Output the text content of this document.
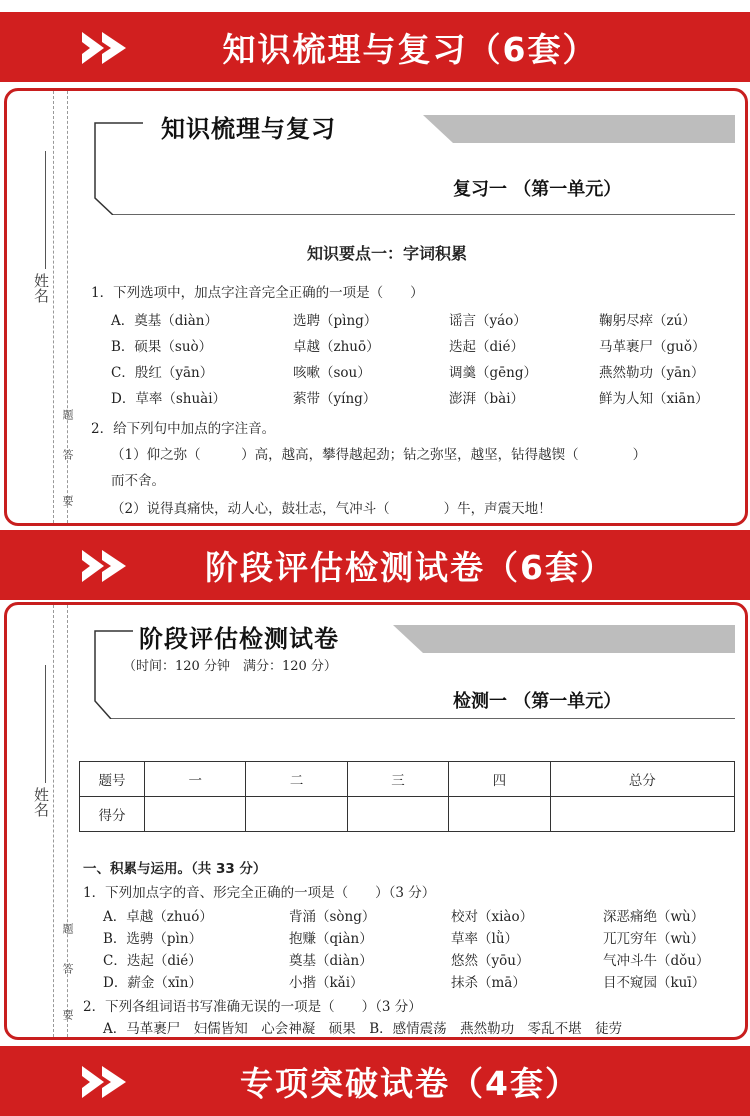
知识梳理与复习（6套）
姓名
题
答
要
知识梳理与复习
复习一 （第一单元）
知识要点一：字词积累
1．下列选项中，加点字注音完全正确的一项是（　　）
A．奠基（diàn）	选聘（pìng）	谣言（yáo）	鞠躬尽瘁（zú）
B．硕果（suò）	卓越（zhuō）	迭起（dié）	马革裹尸（guǒ）
C．殷红（yān）	咳嗽（sou）	调羹（gēng）	燕然勒功（yān）
D．草率（shuài）	萦带（yíng）	澎湃（bài）	鲜为人知（xiān）
2．给下列句中加点的字注音。
（1）仰之弥（　　　）高，越高，攀得越起劲；钻之弥坚，越坚，钻得越锲（　　　　）
而不舍。
（2）说得真痛快，动人心，鼓壮志，气冲斗（　　　　）牛，声震天地！
阶段评估检测试卷（6套）
姓名
题
答
要
阶段评估检测试卷
（时间：120 分钟　满分：120 分）
检测一 （第一单元）
题号	一	二	三	四	总分
得分					
一、积累与运用。（共 33 分）
1．下列加点字的音、形完全正确的一项是（　　）（3 分）
A．卓越（zhuó）	背涌（sòng）	校对（xiào）	深恶痛绝（wù）
B．选骋（pìn）	抱赚（qiàn）	草率（lǜ）	兀兀穷年（wù）
C．迭起（dié）	奠基（diàn）	悠然（yōu）	气冲斗牛（dǒu）
D．薪金（xīn）	小揩（kǎi）	抹杀（mā）	目不窥园（kuī）
2．下列各组词语书写准确无误的一项是（　　）（3 分）
A．马革裹尸　妇儒皆知　心会神凝　硕果　B．感情震荡　燕然勒功　零乱不堪　徒劳
专项突破试卷（4套）
